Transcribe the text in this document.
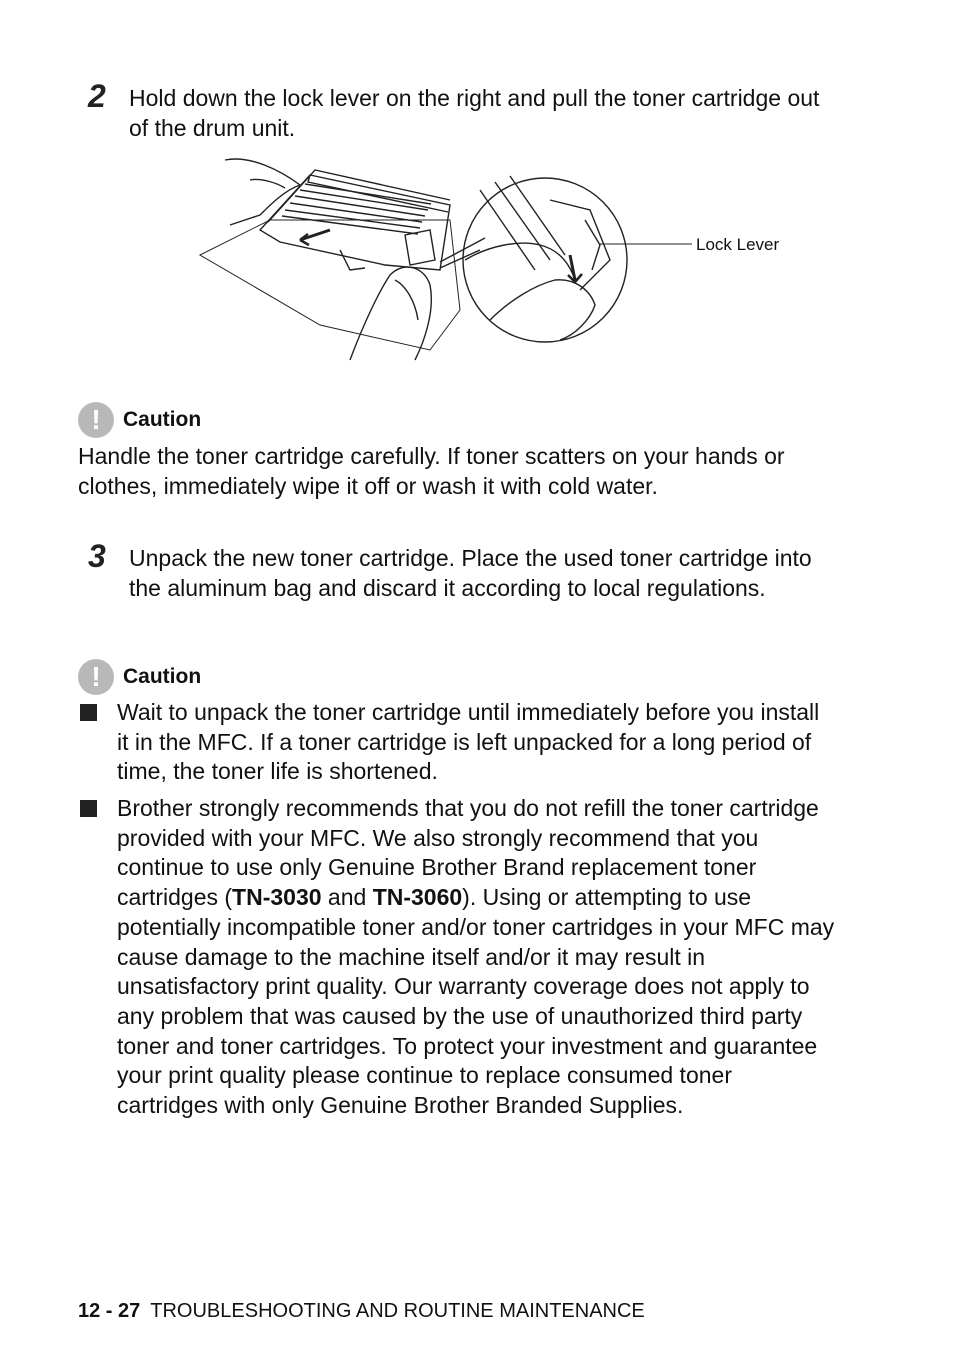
2 Hold down the lock lever on the right and pull the toner cartridge out of the drum unit.
Lock Lever
!	Caution
Handle the toner cartridge carefully. If toner scatters on your hands or clothes, immediately wipe it off or wash it with cold water.
3 Unpack the new toner cartridge. Place the used toner cartridge into the aluminum bag and discard it according to local regulations.
!	Caution
Wait to unpack the toner cartridge until immediately before you install it in the MFC. If a toner cartridge is left unpacked for a long period of time, the toner life is shortened.
Brother strongly recommends that you do not refill the toner cartridge provided with your MFC. We also strongly recommend that you continue to use only Genuine Brother Brand replacement toner cartridges (TN-3030 and TN-3060). Using or attempting to use potentially incompatible toner and/or toner cartridges in your MFC may cause damage to the machine itself and/or it may result in unsatisfactory print quality. Our warranty coverage does not apply to any problem that was caused by the use of unauthorized third party toner and toner cartridges. To protect your investment and guarantee your print quality please continue to replace consumed toner cartridges with only Genuine Brother Branded Supplies.
12 - 27 TROUBLESHOOTING AND ROUTINE MAINTENANCE
